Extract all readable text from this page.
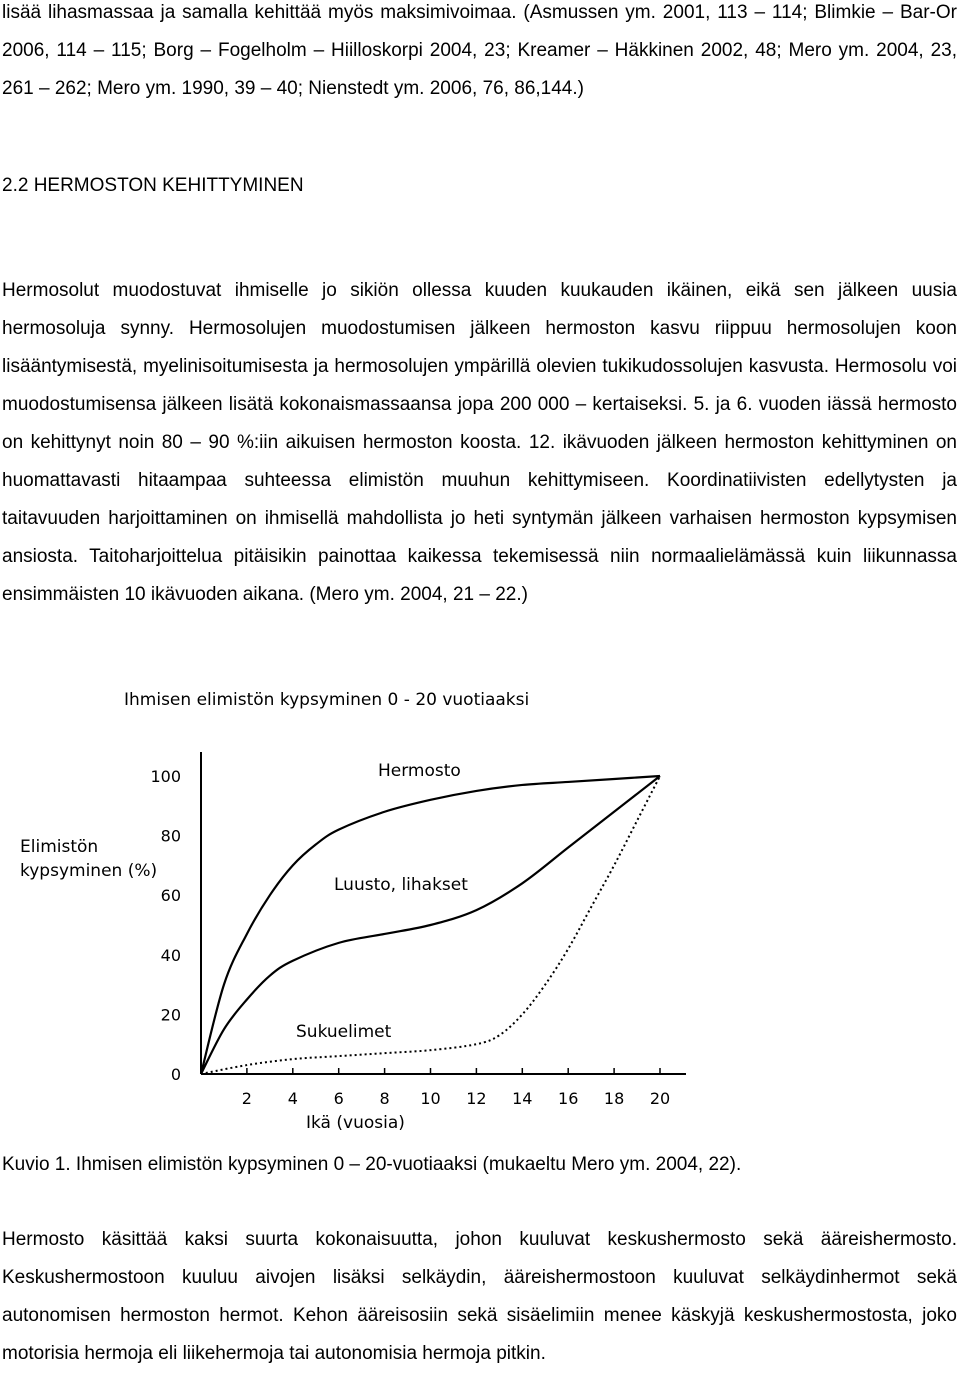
lisää lihasmassaa ja samalla kehittää myös maksimivoimaa. (Asmussen ym. 2001, 113 – 114; Blimkie – Bar-Or 2006, 114 – 115; Borg – Fogelholm – Hiilloskorpi 2004, 23; Kreamer – Häkkinen 2002, 48; Mero ym. 2004, 23, 261 – 262; Mero ym. 1990, 39 – 40; Nienstedt ym. 2006, 76, 86,144.)

2.2 HERMOSTON KEHITTYMINEN

Hermosolut muodostuvat ihmiselle jo sikiön ollessa kuuden kuukauden ikäinen, eikä sen jälkeen uusia hermosoluja synny. Hermosolujen muodostumisen jälkeen hermoston kasvu riippuu hermosolujen koon lisääntymisestä, myelinisoitumisesta ja hermosolujen ympärillä olevien tukikudossolujen kasvusta. Hermosolu voi muodostumisensa jälkeen lisätä kokonaismassaansa jopa 200 000 – kertaiseksi. 5. ja 6. vuoden iässä hermosto on kehittynyt noin 80 – 90 %:iin aikuisen hermoston koosta. 12. ikävuoden jälkeen hermoston kehittyminen on huomattavasti hitaampaa suhteessa elimistön muuhun kehittymiseen. Koordinatiivisten edellytysten ja taitavuuden harjoittaminen on ihmisellä mahdollista jo heti syntymän jälkeen varhaisen hermoston kypsymisen ansiosta. Taitoharjoittelua pitäisikin painottaa kaikessa tekemisessä niin normaalielämässä kuin liikunnassa ensimmäisten 10 ikävuoden aikana. (Mero ym. 2004, 21 – 22.)

Ihmisen elimistön kypsyminen 0 - 20 vuotiaaksi
0
20
40
60
80
100
2 4 6 8 10 12 14 16 18 20
Hermosto
Luusto, lihakset
Sukuelimet
Elimistön
kypsyminen (%)
Ikä (vuosia)

Kuvio 1. Ihmisen elimistön kypsyminen 0 – 20-vuotiaaksi (mukaeltu Mero ym. 2004, 22).

Hermosto käsittää kaksi suurta kokonaisuutta, johon kuuluvat keskushermosto sekä ääreishermosto. Keskushermostoon kuuluu aivojen lisäksi selkäydin, ääreishermostoon kuuluvat selkäydinhermot sekä autonomisen hermoston hermot. Kehon ääreisosiin sekä sisäelimiin menee käskyjä keskushermostosta, joko motorisia hermoja eli liikehermoja tai autonomisia hermoja pitkin.
